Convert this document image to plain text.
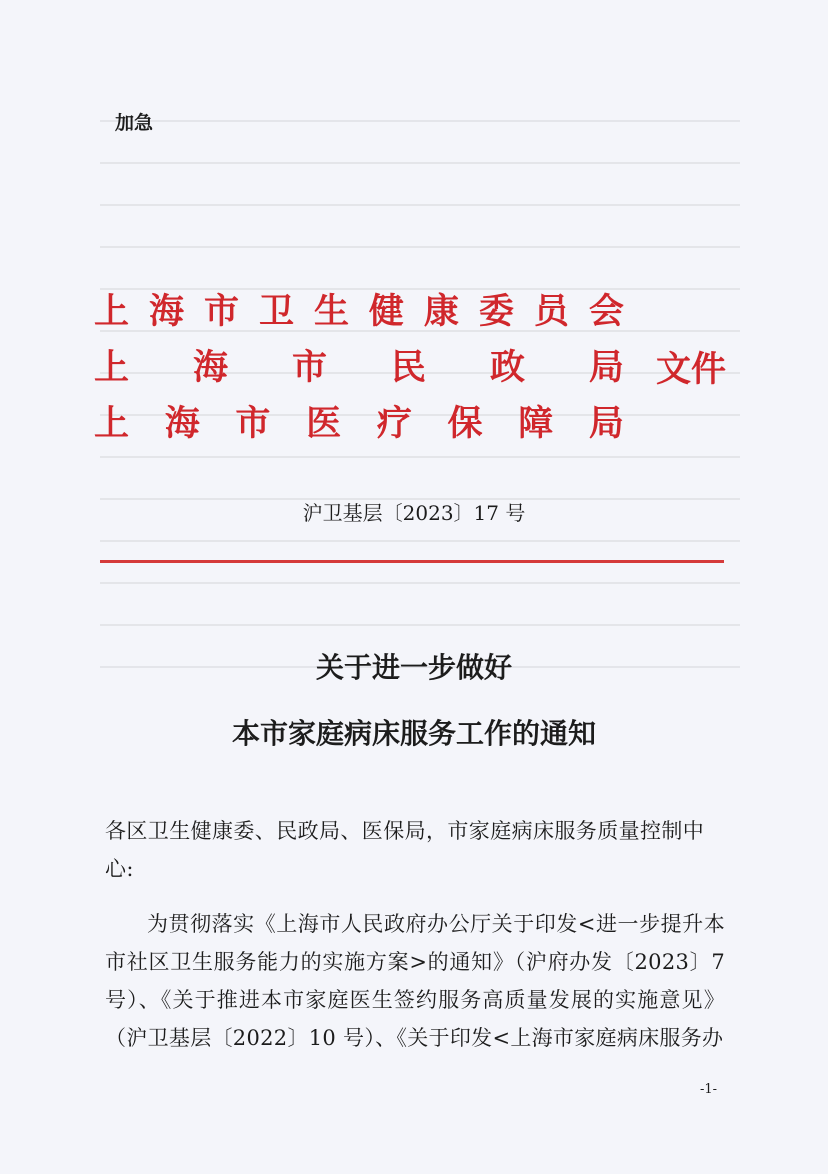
加急
上 海 市 卫 生 健 康 委 员 会
上 海 市 民 政 局
上 海 市 医 疗 保 障 局
文件
沪卫基层〔2023〕17 号
关于进一步做好
本市家庭病床服务工作的通知
各区卫生健康委、民政局、医保局，市家庭病床服务质量控制中心:
为贯彻落实《上海市人民政府办公厅关于印发<进一步提升本市社区卫生服务能力的实施方案>的通知》（沪府办发〔2023〕7 号）、《关于推进本市家庭医生签约服务高质量发展的实施意见》（沪卫基层〔2022〕10 号）、《关于印发<上海市家庭病床服务办
-1-
